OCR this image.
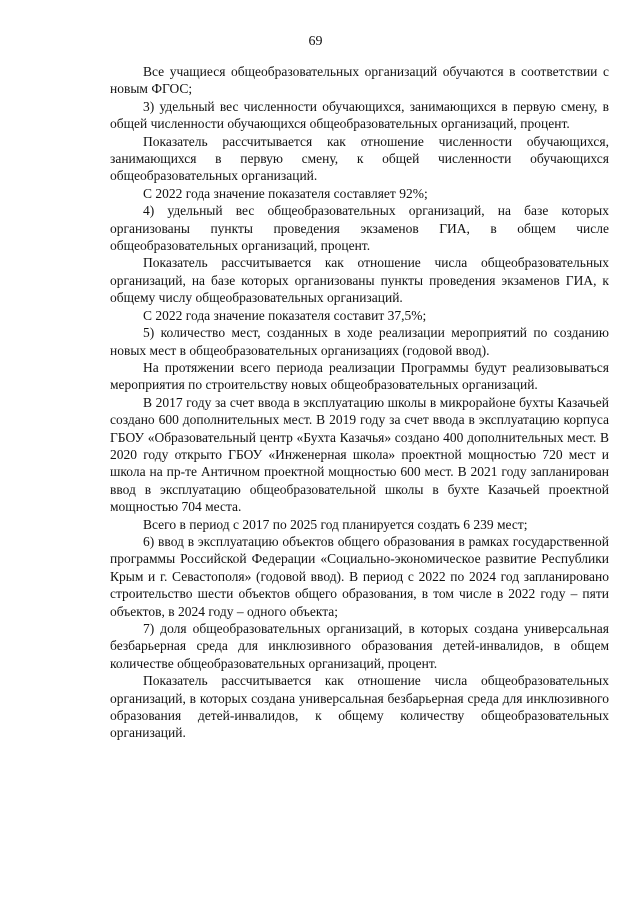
69

Все учащиеся общеобразовательных организаций обучаются в соответствии с новым ФГОС;

3) удельный вес численности обучающихся, занимающихся в первую смену, в общей численности обучающихся общеобразовательных организаций, процент.

Показатель рассчитывается как отношение численности обучающихся, занимающихся в первую смену, к общей численности обучающихся общеобразовательных организаций.

С 2022 года значение показателя составляет 92%;

4) удельный вес общеобразовательных организаций, на базе которых организованы пункты проведения экзаменов ГИА, в общем числе общеобразовательных организаций, процент.

Показатель рассчитывается как отношение числа общеобразовательных организаций, на базе которых организованы пункты проведения экзаменов ГИА, к общему числу общеобразовательных организаций.

С 2022 года значение показателя составит 37,5%;

5) количество мест, созданных в ходе реализации мероприятий по созданию новых мест в общеобразовательных организациях (годовой ввод).

На протяжении всего периода реализации Программы будут реализовываться мероприятия по строительству новых общеобразовательных организаций.

В 2017 году за счет ввода в эксплуатацию школы в микрорайоне бухты Казачьей создано 600 дополнительных мест. В 2019 году за счет ввода в эксплуатацию корпуса ГБОУ «Образовательный центр «Бухта Казачья» создано 400 дополнительных мест. В 2020 году открыто ГБОУ «Инженерная школа» проектной мощностью 720 мест и школа на пр-те Античном проектной мощностью 600 мест. В 2021 году запланирован ввод в эксплуатацию общеобразовательной школы в бухте Казачьей проектной мощностью 704 места.

Всего в период с 2017 по 2025 год планируется создать 6 239 мест;

6) ввод в эксплуатацию объектов общего образования в рамках государственной программы Российской Федерации «Социально-экономическое развитие Республики Крым и г. Севастополя» (годовой ввод). В период с 2022 по 2024 год запланировано строительство шести объектов общего образования, в том числе в 2022 году – пяти объектов, в 2024 году – одного объекта;

7) доля общеобразовательных организаций, в которых создана универсальная безбарьерная среда для инклюзивного образования детей-инвалидов, в общем количестве общеобразовательных организаций, процент.

Показатель рассчитывается как отношение числа общеобразовательных организаций, в которых создана универсальная безбарьерная среда для инклюзивного образования детей-инвалидов, к общему количеству общеобразовательных организаций.
